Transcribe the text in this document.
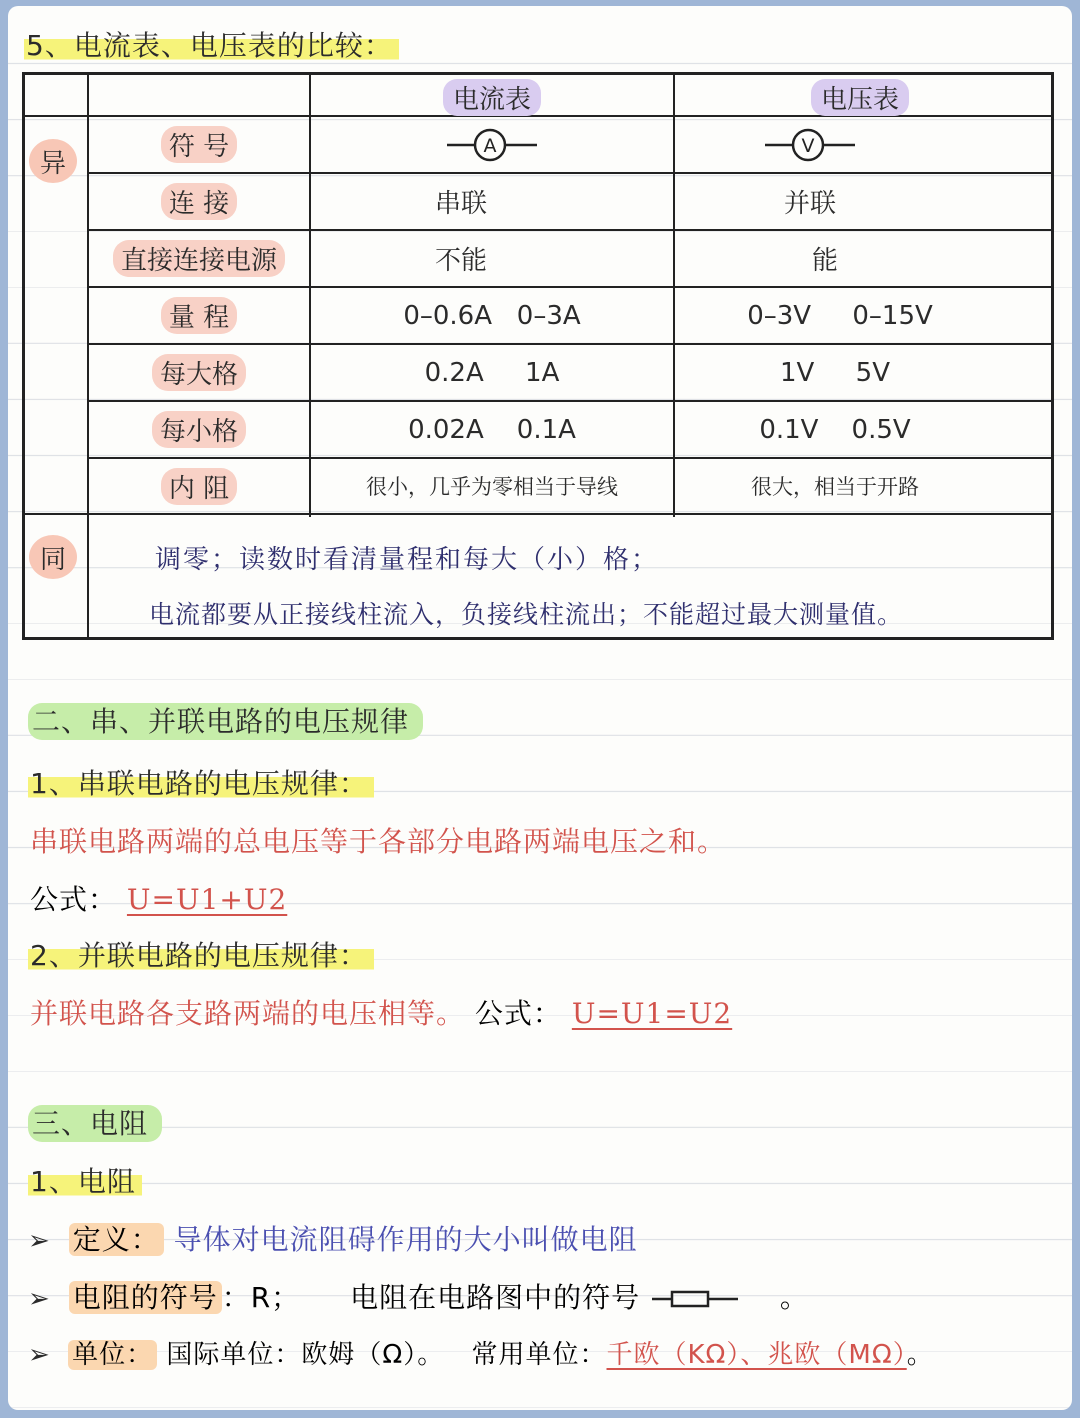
5、电流表、电压表的比较：
电流表	电压表
异
同
符 号	A	V
连 接	串联	并联
直接连接电源	不能	能
量 程	0–0.6A   0–3A	0–3V     0–15V
每大格	0.2A     1A	1V     5V
每小格	0.02A    0.1A	0.1V    0.5V
内 阻	很小，几乎为零相当于导线	很大，相当于开路
调零；读数时看清量程和每大（小）格；
电流都要从正接线柱流入，负接线柱流出；不能超过最大测量值。
二、串、并联电路的电压规律
1、串联电路的电压规律：
串联电路两端的总电压等于各部分电路两端电压之和。
公式： U=U1+U2
2、并联电路的电压规律：
并联电路各支路两端的电压相等。 公式： U=U1=U2
三、电阻
1、电阻
➢ 定义： 导体对电流阻碍作用的大小叫做电阻
➢ 电阻的符号 ：R； 电阻在电路图中的符号	。
➢ 单位： 国际单位：欧姆（Ω）。 常用单位：千欧（KΩ）、兆欧（MΩ）。
